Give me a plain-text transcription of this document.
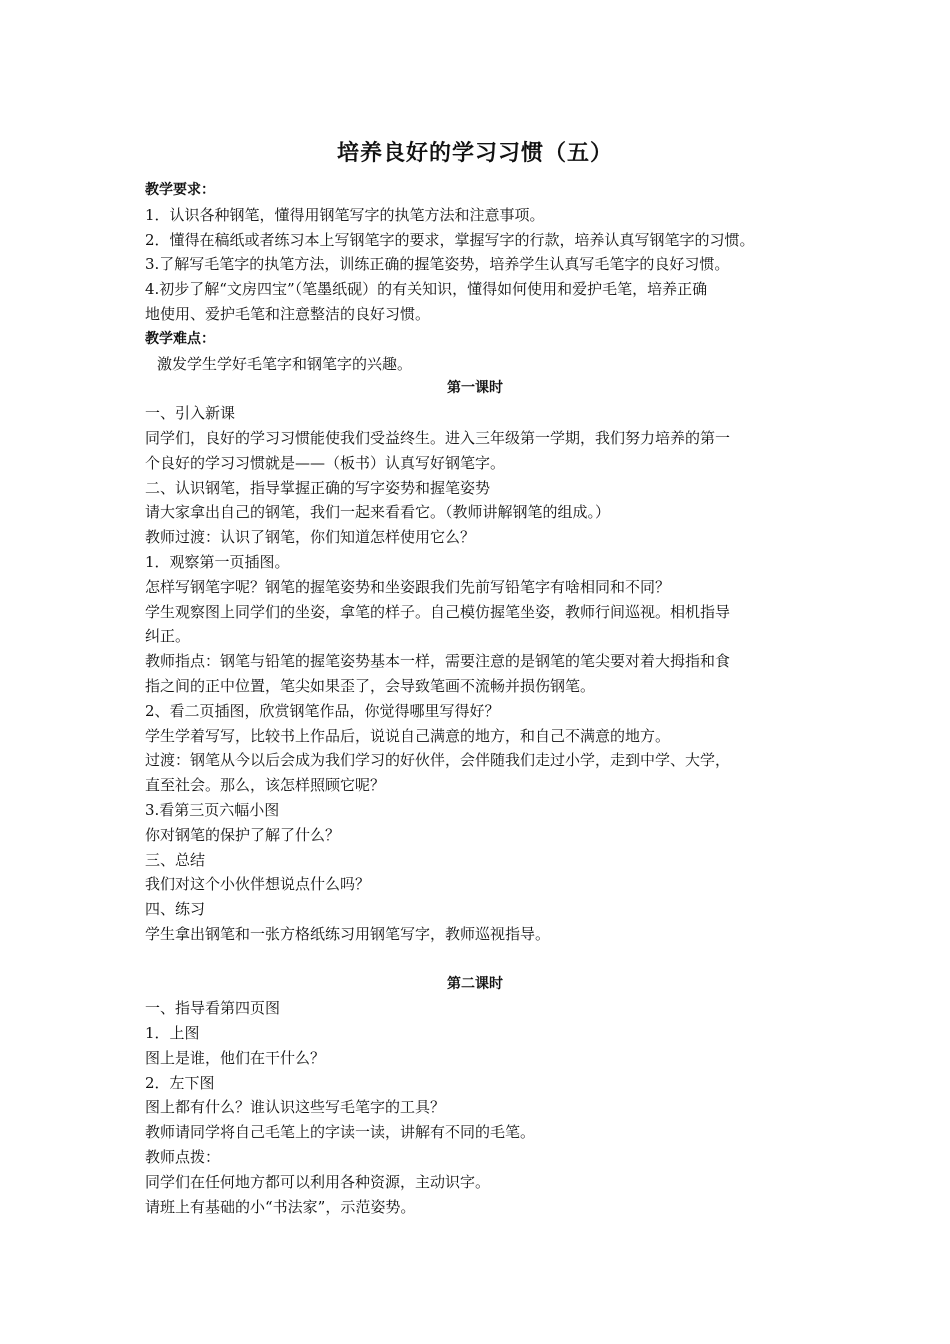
培养良好的学习习惯（五）
教学要求：
1．认识各种钢笔，懂得用钢笔写字的执笔方法和注意事项。
2．懂得在稿纸或者练习本上写钢笔字的要求，掌握写字的行款，培养认真写钢笔字的习惯。
3.了解写毛笔字的执笔方法，训练正确的握笔姿势，培养学生认真写毛笔字的良好习惯。
4.初步了解“文房四宝”（笔墨纸砚）的有关知识，懂得如何使用和爱护毛笔，培养正确
地使用、爱护毛笔和注意整洁的良好习惯。
教学难点：
激发学生学好毛笔字和钢笔字的兴趣。
第一课时
一、引入新课
同学们，良好的学习习惯能使我们受益终生。进入三年级第一学期，我们努力培养的第一
个良好的学习习惯就是——（板书）认真写好钢笔字。
二、认识钢笔，指导掌握正确的写字姿势和握笔姿势
请大家拿出自己的钢笔，我们一起来看看它。（教师讲解钢笔的组成。）
教师过渡：认识了钢笔，你们知道怎样使用它么？
1．观察第一页插图。
怎样写钢笔字呢？钢笔的握笔姿势和坐姿跟我们先前写铅笔字有啥相同和不同？
学生观察图上同学们的坐姿，拿笔的样子。自己模仿握笔坐姿，教师行间巡视。相机指导
纠正。
教师指点：钢笔与铅笔的握笔姿势基本一样，需要注意的是钢笔的笔尖要对着大拇指和食
指之间的正中位置，笔尖如果歪了，会导致笔画不流畅并损伤钢笔。
2、看二页插图，欣赏钢笔作品，你觉得哪里写得好？
学生学着写写，比较书上作品后，说说自己满意的地方，和自己不满意的地方。
过渡：钢笔从今以后会成为我们学习的好伙伴，会伴随我们走过小学，走到中学、大学，
直至社会。那么，该怎样照顾它呢？
3.看第三页六幅小图
你对钢笔的保护了解了什么？
三、总结
我们对这个小伙伴想说点什么吗？
四、练习
学生拿出钢笔和一张方格纸练习用钢笔写字，教师巡视指导。
第二课时
一、指导看第四页图
1．上图
图上是谁，他们在干什么？
2．左下图
图上都有什么？谁认识这些写毛笔字的工具？
教师请同学将自己毛笔上的字读一读，讲解有不同的毛笔。
教师点拨：
同学们在任何地方都可以利用各种资源，主动识字。
请班上有基础的小“书法家”，示范姿势。
